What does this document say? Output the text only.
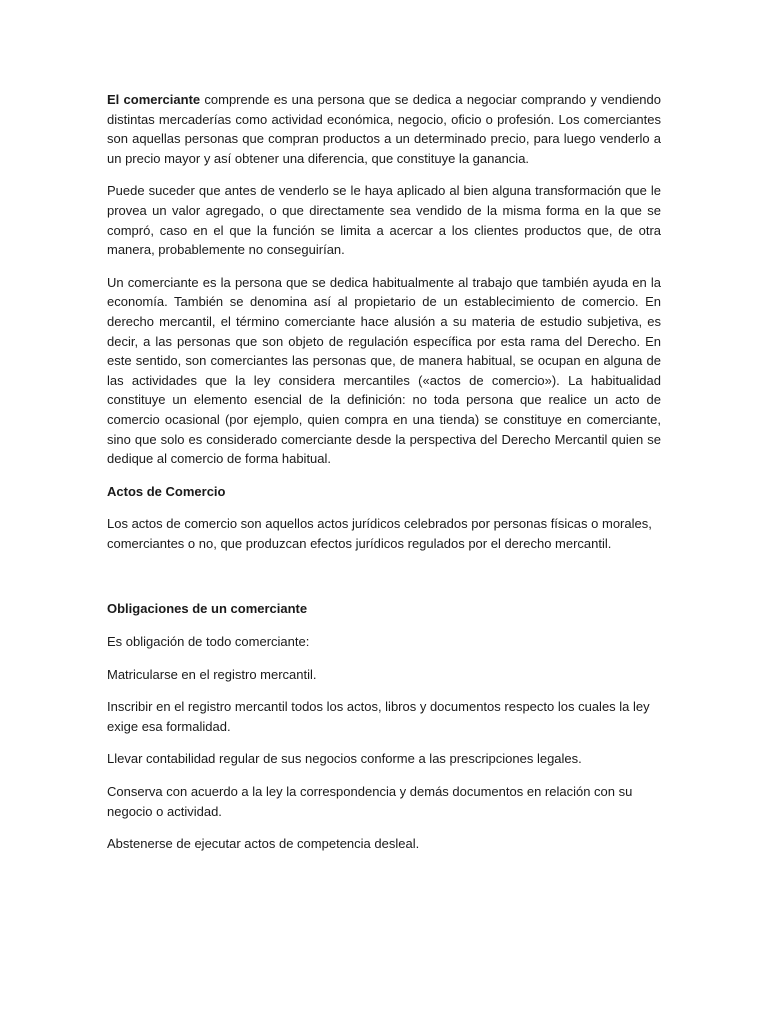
El comerciante comprende es una persona que se dedica a negociar comprando y vendiendo distintas mercaderías como actividad económica, negocio, oficio o profesión. Los comerciantes son aquellas personas que compran productos a un determinado precio, para luego venderlo a un precio mayor y así obtener una diferencia, que constituye la ganancia.

Puede suceder que antes de venderlo se le haya aplicado al bien alguna transformación que le provea un valor agregado, o que directamente sea vendido de la misma forma en la que se compró, caso en el que la función se limita a acercar a los clientes productos que, de otra manera, probablemente no conseguirían.

Un comerciante es la persona que se dedica habitualmente al trabajo que también ayuda en la economía. También se denomina así al propietario de un establecimiento de comercio. En derecho mercantil, el término comerciante hace alusión a su materia de estudio subjetiva, es decir, a las personas que son objeto de regulación específica por esta rama del Derecho. En este sentido, son comerciantes las personas que, de manera habitual, se ocupan en alguna de las actividades que la ley considera mercantiles («actos de comercio»). La habitualidad constituye un elemento esencial de la definición: no toda persona que realice un acto de comercio ocasional (por ejemplo, quien compra en una tienda) se constituye en comerciante, sino que solo es considerado comerciante desde la perspectiva del Derecho Mercantil quien se dedique al comercio de forma habitual.

Actos de Comercio

Los actos de comercio son aquellos actos jurídicos celebrados por personas físicas o morales, comerciantes o no, que produzcan efectos jurídicos regulados por el derecho mercantil.

Obligaciones de un comerciante

Es obligación de todo comerciante:

Matricularse en el registro mercantil.

Inscribir en el registro mercantil todos los actos, libros y documentos respecto los cuales la ley exige esa formalidad.

Llevar contabilidad regular de sus negocios conforme a las prescripciones legales.

Conserva con acuerdo a la ley la correspondencia y demás documentos en relación con su negocio o actividad.

Abstenerse de ejecutar actos de competencia desleal.
